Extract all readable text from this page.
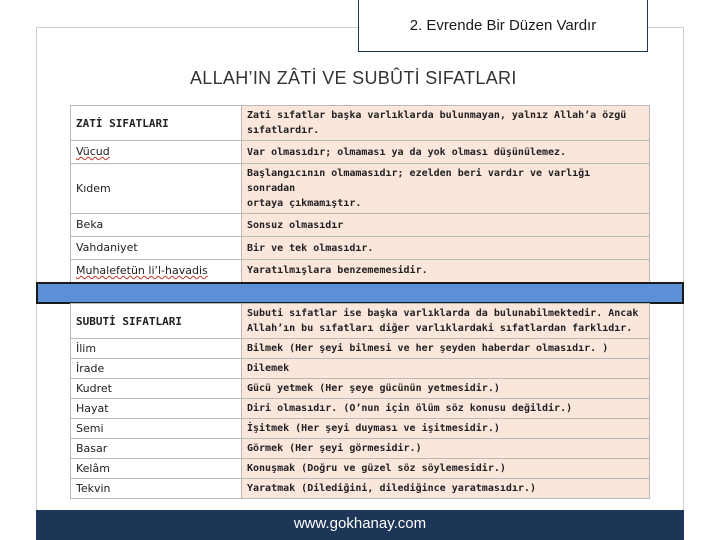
2. Evrende Bir Düzen Vardır
ALLAH’IN ZÂTİ VE SUBÛTİ SIFATLARI
ZATİ SIFATLARI	Zati sıfatlar başka varlıklarda bulunmayan, yalnız Allah’a özgü
sıfatlardır.

Vücud	Var olmasıdır; olmaması ya da yok olması düşünülemez.

Kıdem	Başlangıcının olmamasıdır; ezelden beri vardır ve varlığı sonradan
ortaya çıkmamıştır.

Beka	Sonsuz olmasıdır

Vahdaniyet	Bir ve tek olmasıdır.

Muhalefetün li’l-havadis	Yaratılmışlara benzememesidir.
SUBUTİ SIFATLARI	Subuti sıfatlar ise başka varlıklarda da bulunabilmektedir. Ancak
Allah’ın bu sıfatları diğer varlıklardaki sıfatlardan farklıdır.

İlim	Bilmek (Her şeyi bilmesi ve her şeyden haberdar olmasıdır. )
İrade	Dilemek
Kudret	Gücü yetmek (Her şeye gücünün yetmesidir.)
Hayat	Diri olmasıdır. (O’nun için ölüm söz konusu değildir.)
Semi	İşitmek (Her şeyi duyması ve işitmesidir.)
Basar	Görmek (Her şeyi görmesidir.)
Kelâm	Konuşmak (Doğru ve güzel söz söylemesidir.)
Tekvin	Yaratmak (Dilediğini, dilediğince yaratmasıdır.)
www.gokhanay.com
